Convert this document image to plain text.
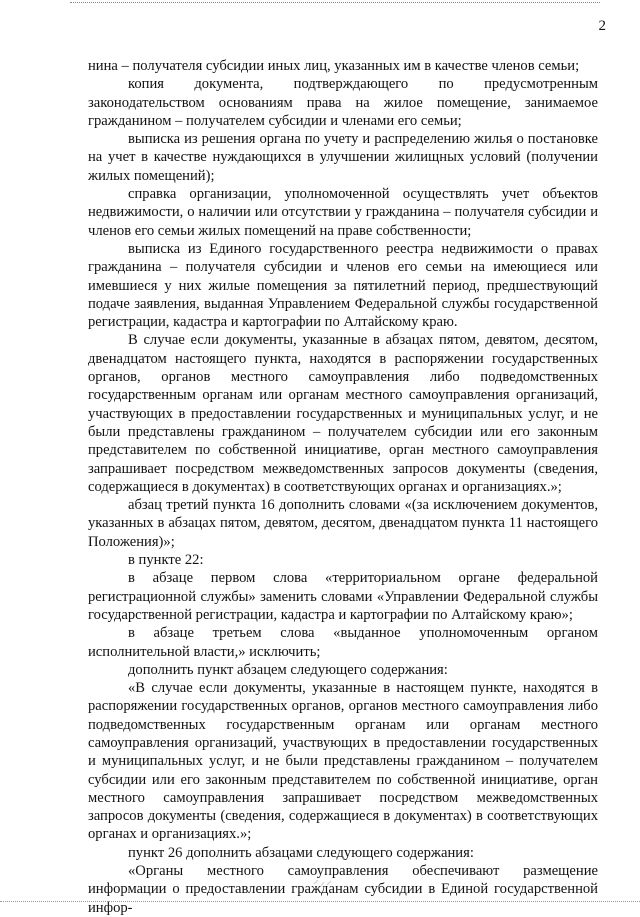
2

нина – получателя субсидии иных лиц, указанных им в качестве членов семьи;

копия документа, подтверждающего по предусмотренным законодательством основаниям права на жилое помещение, занимаемое гражданином – получателем субсидии и членами его семьи;

выписка из решения органа по учету и распределению жилья о постановке на учет в качестве нуждающихся в улучшении жилищных условий (получении жилых помещений);

справка организации, уполномоченной осуществлять учет объектов недвижимости, о наличии или отсутствии у гражданина – получателя субсидии и членов его семьи жилых помещений на праве собственности;

выписка из Единого государственного реестра недвижимости о правах гражданина – получателя субсидии и членов его семьи на имеющиеся или имевшиеся у них жилые помещения за пятилетний период, предшествующий подаче заявления, выданная Управлением Федеральной службы государственной регистрации, кадастра и картографии по Алтайскому краю.

В случае если документы, указанные в абзацах пятом, девятом, десятом, двенадцатом настоящего пункта, находятся в распоряжении государственных органов, органов местного самоуправления либо подведомственных государственным органам или органам местного самоуправления организаций, участвующих в предоставлении государственных и муниципальных услуг, и не были представлены гражданином – получателем субсидии или его законным представителем по собственной инициативе, орган местного самоуправления запрашивает посредством межведомственных запросов документы (сведения, содержащиеся в документах) в соответствующих органах и организациях.»;

абзац третий пункта 16 дополнить словами «(за исключением документов, указанных в абзацах пятом, девятом, десятом, двенадцатом пункта 11 настоящего Положения)»;

в пункте 22:

в абзаце первом слова «территориальном органе федеральной регистрационной службы» заменить словами «Управлении Федеральной службы государственной регистрации, кадастра и картографии по Алтайскому краю»;

в абзаце третьем слова «выданное уполномоченным органом исполнительной власти,» исключить;

дополнить пункт абзацем следующего содержания:

«В случае если документы, указанные в настоящем пункте, находятся в распоряжении государственных органов, органов местного самоуправления либо подведомственных государственным органам или органам местного самоуправления организаций, участвующих в предоставлении государственных и муниципальных услуг, и не были представлены гражданином – получателем субсидии или его законным представителем по собственной инициативе, орган местного самоуправления запрашивает посредством межведомственных запросов документы (сведения, содержащиеся в документах) в соответствующих органах и организациях.»;

пункт 26 дополнить абзацами следующего содержания:

«Органы местного самоуправления обеспечивают размещение информации о предоставлении гражданам субсидии в Единой государственной инфор-
